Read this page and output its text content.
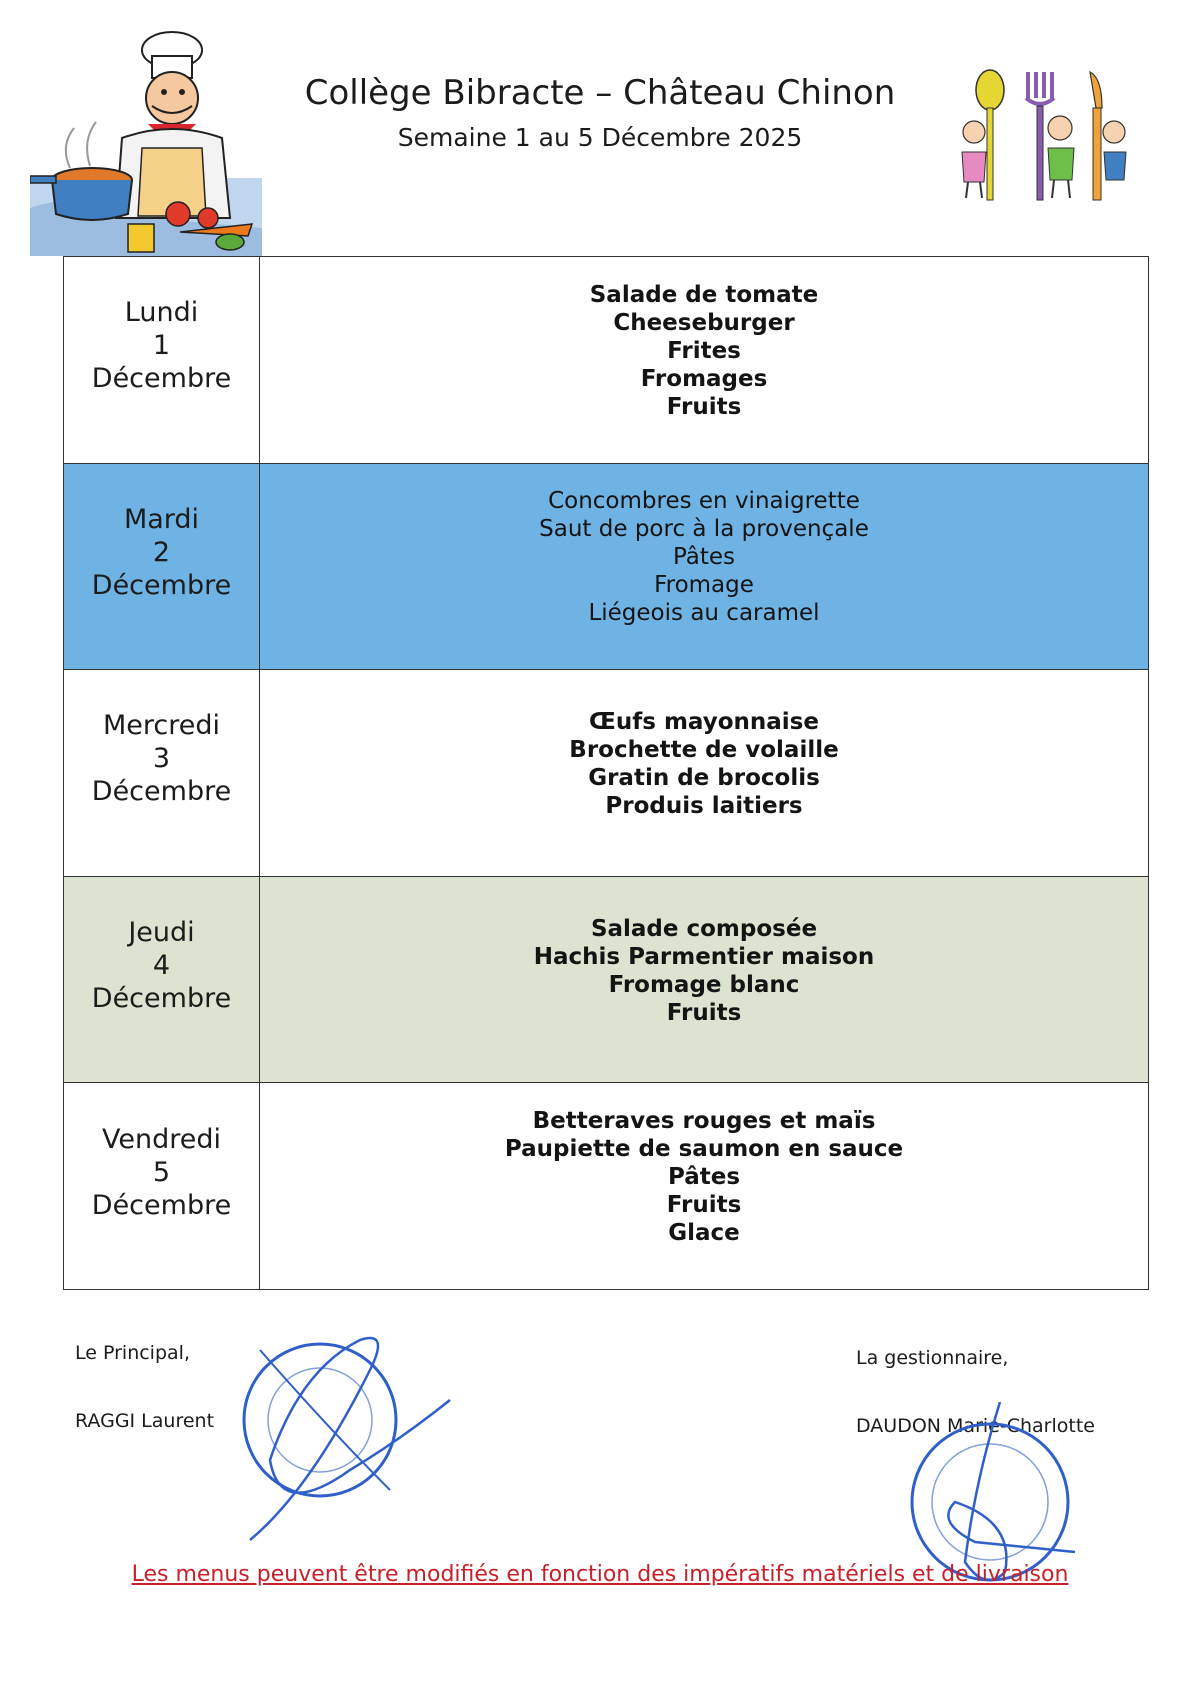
Collège Bibracte – Château Chinon
Semaine 1 au 5 Décembre 2025
Lundi
1
Décembre
Salade de tomate
Cheeseburger
Frites
Fromages
Fruits
Mardi
2
Décembre
Concombres en vinaigrette
Saut de porc à la provençale
Pâtes
Fromage
Liégeois au caramel
Mercredi
3
Décembre
Œufs mayonnaise
Brochette de volaille
Gratin de brocolis
Produis laitiers
Jeudi
4
Décembre
Salade composée
Hachis Parmentier maison
Fromage blanc
Fruits
Vendredi
5
Décembre
Betteraves rouges et maïs
Paupiette de saumon en sauce
Pâtes
Fruits
Glace
Le Principal,
RAGGI Laurent
La gestionnaire,
DAUDON Marie-Charlotte
Les menus peuvent être modifiés en fonction des impératifs matériels et de livraison
